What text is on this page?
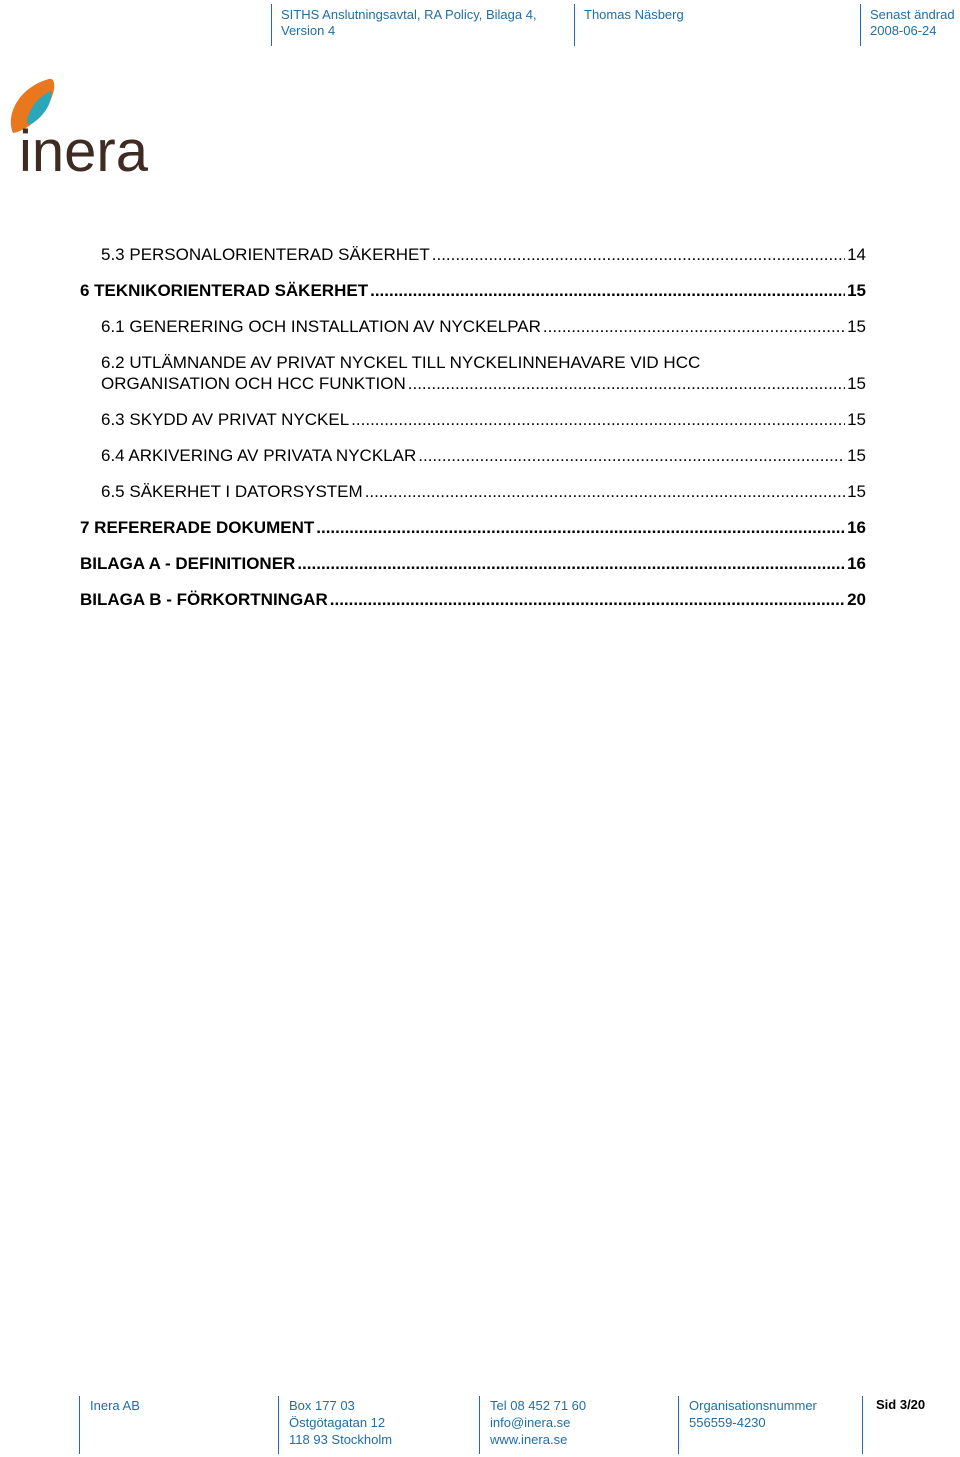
SITHS Anslutningsavtal, RA Policy, Bilaga 4,
Version 4
Thomas Näsberg	Senast ändrad
2008-06-24
inera
5.3 PERSONALORIENTERAD SÄKERHET .....	14
6 TEKNIKORIENTERAD SÄKERHET .....	15
6.1 GENERERING OCH INSTALLATION AV NYCKELPAR .....	15
6.2 UTLÄMNANDE AV PRIVAT NYCKEL TILL NYCKELINNEHAVARE VID HCC
ORGANISATION OCH HCC FUNKTION .....	15
6.3 SKYDD AV PRIVAT NYCKEL .....	15
6.4 ARKIVERING AV PRIVATA NYCKLAR .....	15
6.5 SÄKERHET I DATORSYSTEM .....	15
7 REFERERADE DOKUMENT .....	16
BILAGA A - DEFINITIONER .....	16
BILAGA B - FÖRKORTNINGAR .....	20
Inera AB	Box 177 03
Östgötagatan 12
118 93 Stockholm
Tel 08 452 71 60
info@inera.se
www.inera.se
Organisationsnummer
556559-4230
Sid 3/20
